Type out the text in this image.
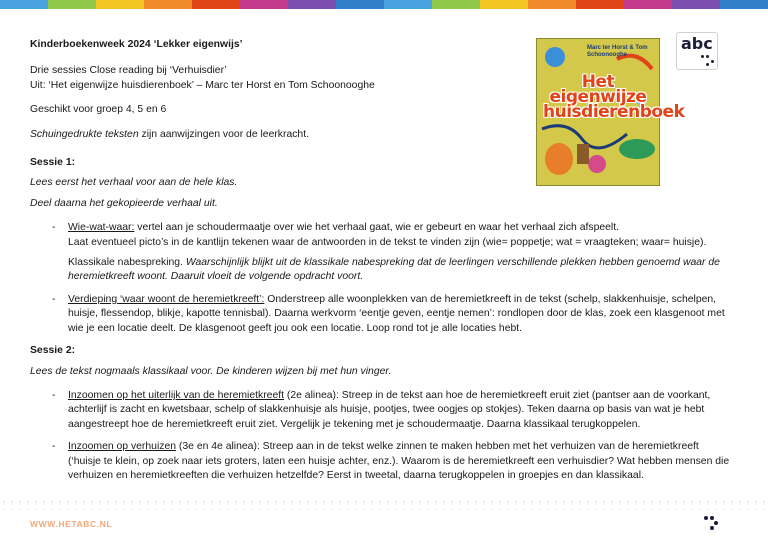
Kinderboekenweek 2024 ‘Lekker eigenwijs’

Drie sessies Close reading bij ‘Verhuisdier’

Uit: ‘Het eigenwijze huisdierenboek’ – Marc ter Horst en Tom Schoonooghe

Geschikt voor groep 4, 5 en 6

Schuingedrukte teksten zijn aanwijzingen voor de leerkracht.

Sessie 1:

Lees eerst het verhaal voor aan de hele klas.

Deel daarna het gekopieerde verhaal uit.

- Wie-wat-waar: vertel aan je schoudermaatje over wie het verhaal gaat, wie er gebeurt en waar het verhaal zich afspeelt.

Laat eventueel picto’s in de kantlijn tekenen waar de antwoorden in de tekst te vinden zijn (wie= poppetje; wat = vraagteken; waar= huisje).

Klassikale nabespreking. Waarschijnlijk blijkt uit de klassikale nabespreking dat de leerlingen verschillende plekken hebben genoemd waar de heremietkreeft woont. Daaruit vloeit de volgende opdracht voort.

- Verdieping ‘waar woont de heremietkreeft’: Onderstreep alle woonplekken van de heremietkreeft in de tekst (schelp, slakkenhuisje, schelpen, huisje, flessendop, blikje, kapotte tennisbal). Daarna werkvorm ‘eentje geven, eentje nemen’: rondlopen door de klas, zoek een klasgenoot met wie je een locatie deelt. De klasgenoot geeft jou ook een locatie. Loop rond tot je alle locaties hebt.

Sessie 2:

Lees de tekst nogmaals klassikaal voor. De kinderen wijzen bij met hun vinger.

- Inzoomen op het uiterlijk van de heremietkreeft (2e alinea): Streep in de tekst aan hoe de heremietkreeft eruit ziet (pantser aan de voorkant, achterlijf is zacht en kwetsbaar, schelp of slakkenhuisje als huisje, pootjes, twee oogjes op stokjes). Teken daarna op basis van wat je hebt aangestreept hoe de heremietkreeft eruit ziet. Vergelijk je tekening met je schoudermaatje. Daarna klassikaal terugkoppelen.

- Inzoomen op verhuizen (3e en 4e alinea): Streep aan in de tekst welke zinnen te maken hebben met het verhuizen van de heremietkreeft (‘huisje te klein, op zoek naar iets groters, laten een huisje achter, enz.). Waarom is de heremietkreeft een verhuisdier? Wat hebben mensen die verhuizen en heremietkreeften die verhuizen hetzelfde? Eerst in tweetal, daarna terugkoppelen in groepjes en dan klassikaal.

Marc ter Horst & Tom Schoonooghe
Het
eigenwijze
huisdierenboek
abc
WWW.HETABC.NL
